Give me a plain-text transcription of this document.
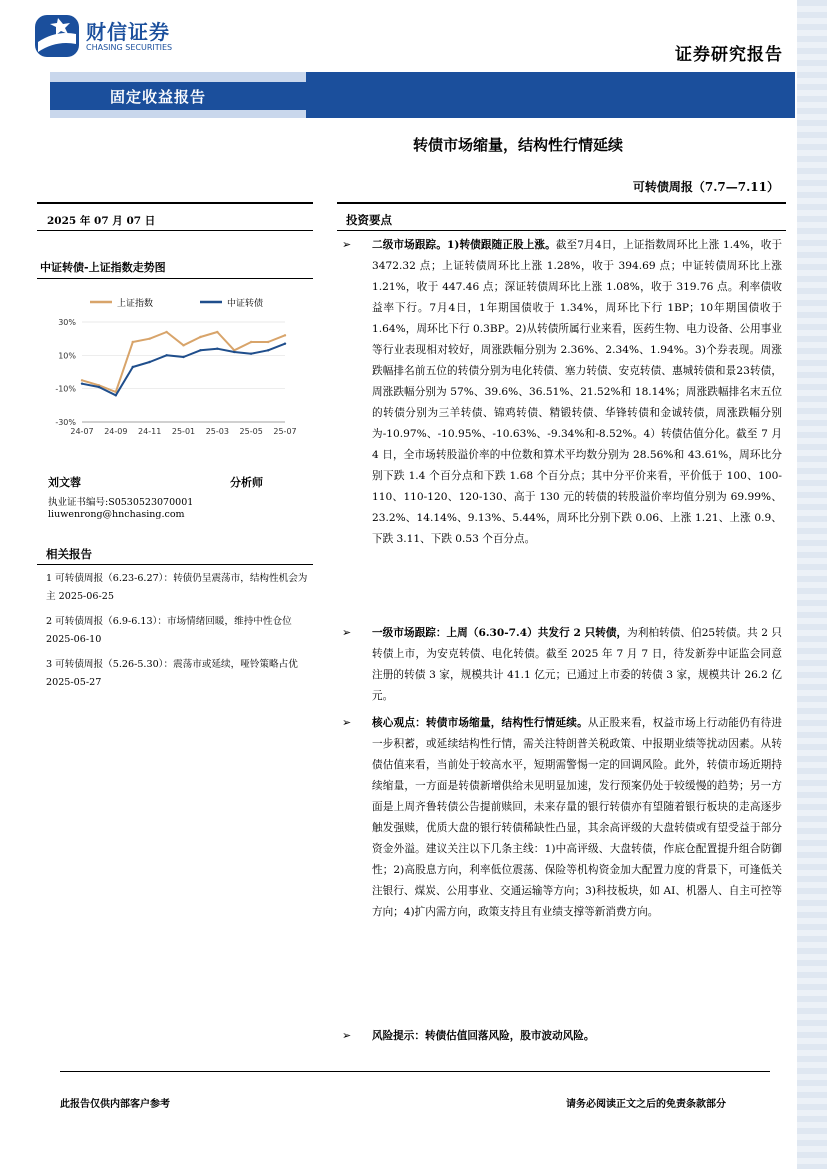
财信证券
CHASING SECURITIES	证券研究报告
固定收益报告
转债市场缩量，结构性行情延续
可转债周报（7.7—7.11）
2025 年 07 月 07 日	投资要点
中证转债-上证指数走势图
上证指数	中证转债
30%
10%
-10%
-30%
24-07 24-09 24-11 25-01 25-03 25-05 25-07
刘文蓉	分析师
执业证书编号:S0530523070001
liuwenrong@hnchasing.com
相关报告
1 可转债周报（6.23-6.27）：转债仍呈震荡市，结构性机会为主 2025-06-25
2 可转债周报（6.9-6.13）：市场情绪回暖，维持中性仓位 2025-06-10
3 可转债周报（5.26-5.30）：震荡市或延续，哑铃策略占优 2025-05-27
➢ 二级市场跟踪。1)转债跟随正股上涨。截至7月4日，上证指数周环比上涨 1.4%，收于 3472.32 点；上证转债周环比上涨 1.28%，收于 394.69 点；中证转债周环比上涨 1.21%，收于 447.46 点；深证转债周环比上涨 1.08%，收于 319.76 点。利率债收益率下行。7月4日，1年期国债收于 1.34%，周环比下行 1BP；10年期国债收于 1.64%，周环比下行 0.3BP。2)从转债所属行业来看，医药生物、电力设备、公用事业等行业表现相对较好，周涨跌幅分别为 2.36%、2.34%、1.94%。3)个券表现。周涨跌幅排名前五位的转债分别为电化转债、塞力转债、安克转债、惠城转债和景23转债，周涨跌幅分别为 57%、39.6%、36.51%、21.52%和 18.14%；周涨跌幅排名末五位的转债分别为三羊转债、锦鸡转债、精锻转债、华锋转债和金诚转债，周涨跌幅分别为-10.97%、-10.95%、-10.63%、-9.34%和-8.52%。4）转债估值分化。截至 7 月 4 日，全市场转股溢价率的中位数和算术平均数分别为 28.56%和 43.61%，周环比分别下跌 1.4 个百分点和下跌 1.68 个百分点；其中分平价来看，平价低于 100、100-110、110-120、120-130、高于 130 元的转债的转股溢价率均值分别为 69.99%、23.2%、14.14%、9.13%、5.44%，周环比分别下跌 0.06、上涨 1.21、上涨 0.9、下跌 3.11、下跌 0.53 个百分点。
➢ 一级市场跟踪：上周（6.30-7.4）共发行 2 只转债，为利柏转债、伯25转债。共 2 只转债上市，为安克转债、电化转债。截至 2025 年 7 月 7 日，待发新券中证监会同意注册的转债 3 家，规模共计 41.1 亿元；已通过上市委的转债 3 家，规模共计 26.2 亿元。
➢ 核心观点：转债市场缩量，结构性行情延续。从正股来看，权益市场上行动能仍有待进一步积蓄，或延续结构性行情，需关注特朗普关税政策、中报期业绩等扰动因素。从转债估值来看，当前处于较高水平，短期需警惕一定的回调风险。此外，转债市场近期持续缩量，一方面是转债新增供给未见明显加速，发行预案仍处于较缓慢的趋势；另一方面是上周齐鲁转债公告提前赎回，未来存量的银行转债亦有望随着银行板块的走高逐步触发强赎，优质大盘的银行转债稀缺性凸显，其余高评级的大盘转债或有望受益于部分资金外溢。建议关注以下几条主线：1)中高评级、大盘转债，作底仓配置提升组合防御性；2)高股息方向，利率低位震荡、保险等机构资金加大配置力度的背景下，可逢低关注银行、煤炭、公用事业、交通运输等方向；3)科技板块，如 AI、机器人、自主可控等方向；4)扩内需方向，政策支持且有业绩支撑等新消费方向。
➢ 风险提示：转债估值回落风险，股市波动风险。
此报告仅供内部客户参考	请务必阅读正文之后的免责条款部分
